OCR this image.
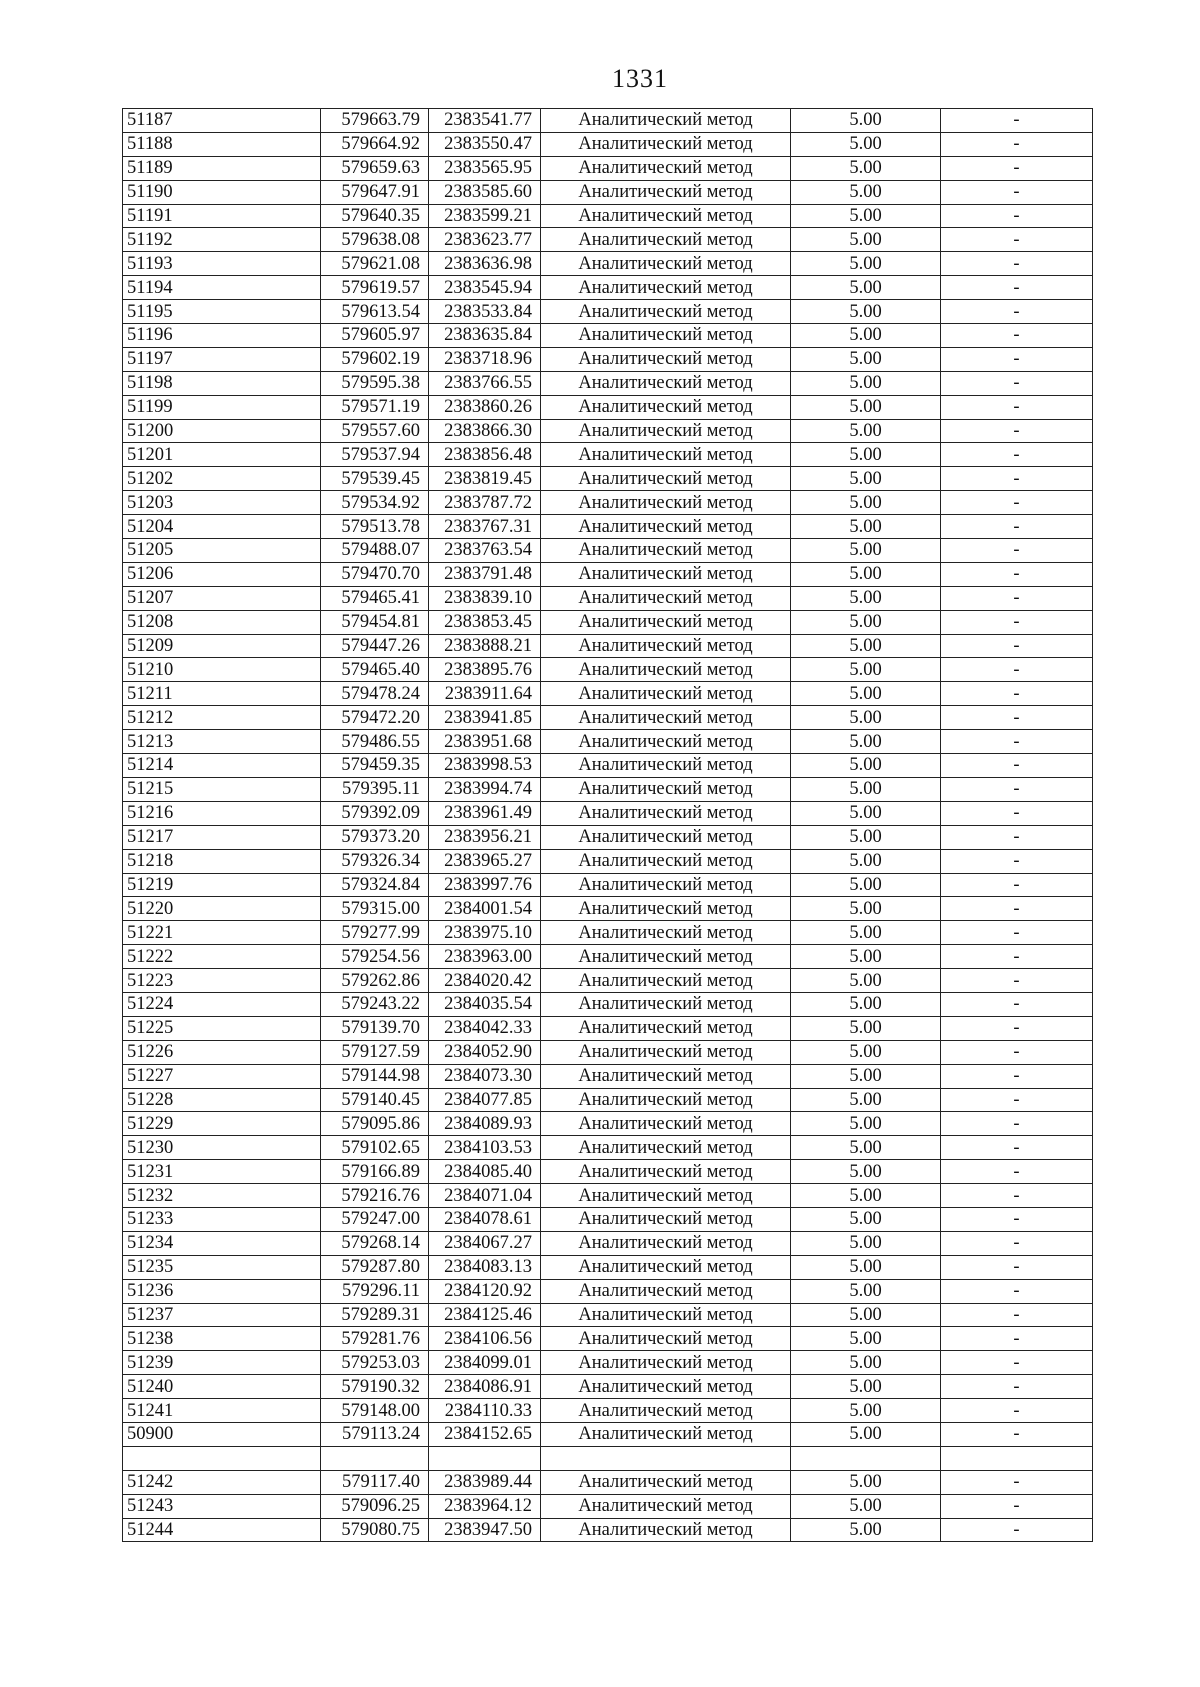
1331
51187	579663.79	2383541.77	Аналитический метод	5.00	-
51188	579664.92	2383550.47	Аналитический метод	5.00	-
51189	579659.63	2383565.95	Аналитический метод	5.00	-
51190	579647.91	2383585.60	Аналитический метод	5.00	-
51191	579640.35	2383599.21	Аналитический метод	5.00	-
51192	579638.08	2383623.77	Аналитический метод	5.00	-
51193	579621.08	2383636.98	Аналитический метод	5.00	-
51194	579619.57	2383545.94	Аналитический метод	5.00	-
51195	579613.54	2383533.84	Аналитический метод	5.00	-
51196	579605.97	2383635.84	Аналитический метод	5.00	-
51197	579602.19	2383718.96	Аналитический метод	5.00	-
51198	579595.38	2383766.55	Аналитический метод	5.00	-
51199	579571.19	2383860.26	Аналитический метод	5.00	-
51200	579557.60	2383866.30	Аналитический метод	5.00	-
51201	579537.94	2383856.48	Аналитический метод	5.00	-
51202	579539.45	2383819.45	Аналитический метод	5.00	-
51203	579534.92	2383787.72	Аналитический метод	5.00	-
51204	579513.78	2383767.31	Аналитический метод	5.00	-
51205	579488.07	2383763.54	Аналитический метод	5.00	-
51206	579470.70	2383791.48	Аналитический метод	5.00	-
51207	579465.41	2383839.10	Аналитический метод	5.00	-
51208	579454.81	2383853.45	Аналитический метод	5.00	-
51209	579447.26	2383888.21	Аналитический метод	5.00	-
51210	579465.40	2383895.76	Аналитический метод	5.00	-
51211	579478.24	2383911.64	Аналитический метод	5.00	-
51212	579472.20	2383941.85	Аналитический метод	5.00	-
51213	579486.55	2383951.68	Аналитический метод	5.00	-
51214	579459.35	2383998.53	Аналитический метод	5.00	-
51215	579395.11	2383994.74	Аналитический метод	5.00	-
51216	579392.09	2383961.49	Аналитический метод	5.00	-
51217	579373.20	2383956.21	Аналитический метод	5.00	-
51218	579326.34	2383965.27	Аналитический метод	5.00	-
51219	579324.84	2383997.76	Аналитический метод	5.00	-
51220	579315.00	2384001.54	Аналитический метод	5.00	-
51221	579277.99	2383975.10	Аналитический метод	5.00	-
51222	579254.56	2383963.00	Аналитический метод	5.00	-
51223	579262.86	2384020.42	Аналитический метод	5.00	-
51224	579243.22	2384035.54	Аналитический метод	5.00	-
51225	579139.70	2384042.33	Аналитический метод	5.00	-
51226	579127.59	2384052.90	Аналитический метод	5.00	-
51227	579144.98	2384073.30	Аналитический метод	5.00	-
51228	579140.45	2384077.85	Аналитический метод	5.00	-
51229	579095.86	2384089.93	Аналитический метод	5.00	-
51230	579102.65	2384103.53	Аналитический метод	5.00	-
51231	579166.89	2384085.40	Аналитический метод	5.00	-
51232	579216.76	2384071.04	Аналитический метод	5.00	-
51233	579247.00	2384078.61	Аналитический метод	5.00	-
51234	579268.14	2384067.27	Аналитический метод	5.00	-
51235	579287.80	2384083.13	Аналитический метод	5.00	-
51236	579296.11	2384120.92	Аналитический метод	5.00	-
51237	579289.31	2384125.46	Аналитический метод	5.00	-
51238	579281.76	2384106.56	Аналитический метод	5.00	-
51239	579253.03	2384099.01	Аналитический метод	5.00	-
51240	579190.32	2384086.91	Аналитический метод	5.00	-
51241	579148.00	2384110.33	Аналитический метод	5.00	-
50900	579113.24	2384152.65	Аналитический метод	5.00	-

51242	579117.40	2383989.44	Аналитический метод	5.00	-
51243	579096.25	2383964.12	Аналитический метод	5.00	-
51244	579080.75	2383947.50	Аналитический метод	5.00	-
